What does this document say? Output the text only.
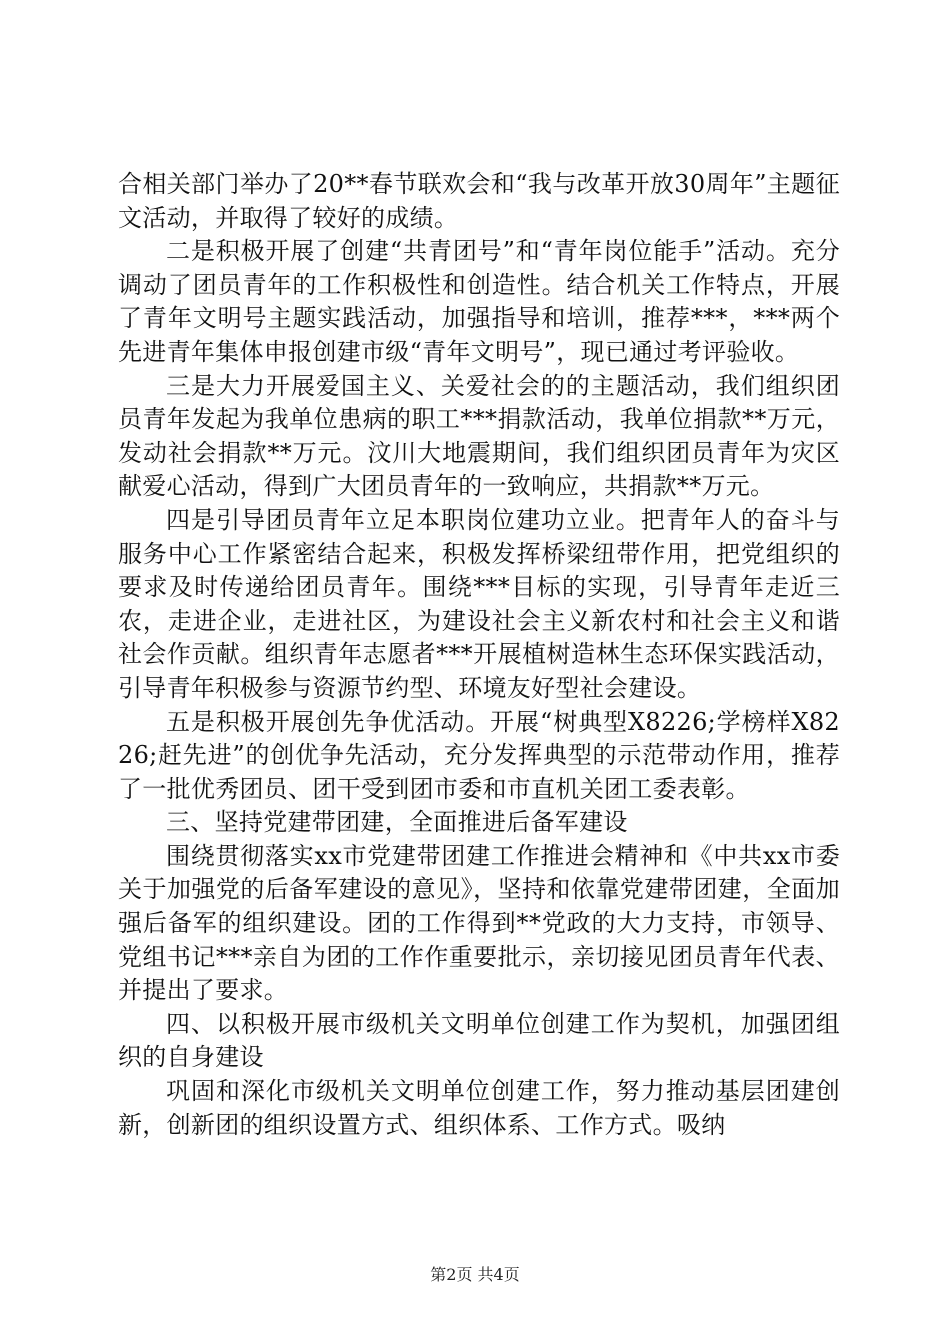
合相关部门举办了20**春节联欢会和“我与改革开放30周年”主题征文活动，并取得了较好的成绩。

二是积极开展了创建“共青团号”和“青年岗位能手”活动。充分调动了团员青年的工作积极性和创造性。结合机关工作特点，开展了青年文明号主题实践活动，加强指导和培训，推荐***，***两个先进青年集体申报创建市级“青年文明号”，现已通过考评验收。

三是大力开展爱国主义、关爱社会的的主题活动，我们组织团员青年发起为我单位患病的职工***捐款活动，我单位捐款**万元，发动社会捐款**万元。汶川大地震期间，我们组织团员青年为灾区献爱心活动，得到广大团员青年的一致响应，共捐款**万元。

四是引导团员青年立足本职岗位建功立业。把青年人的奋斗与服务中心工作紧密结合起来，积极发挥桥梁纽带作用，把党组织的要求及时传递给团员青年。围绕***目标的实现，引导青年走近三农，走进企业，走进社区，为建设社会主义新农村和社会主义和谐社会作贡献。组织青年志愿者***开展植树造林生态环保实践活动，引导青年积极参与资源节约型、环境友好型社会建设。

五是积极开展创先争优活动。开展“树典型X8226;学榜样X8226;赶先进”的创优争先活动，充分发挥典型的示范带动作用，推荐了一批优秀团员、团干受到团市委和市直机关团工委表彰。

三、坚持党建带团建，全面推进后备军建设

围绕贯彻落实xx市党建带团建工作推进会精神和《中共xx市委关于加强党的后备军建设的意见》，坚持和依靠党建带团建，全面加强后备军的组织建设。团的工作得到**党政的大力支持，市领导、党组书记***亲自为团的工作作重要批示，亲切接见团员青年代表、并提出了要求。

四、以积极开展市级机关文明单位创建工作为契机，加强团组织的自身建设

巩固和深化市级机关文明单位创建工作，努力推动基层团建创新，创新团的组织设置方式、组织体系、工作方式。吸纳

第2页 共4页
